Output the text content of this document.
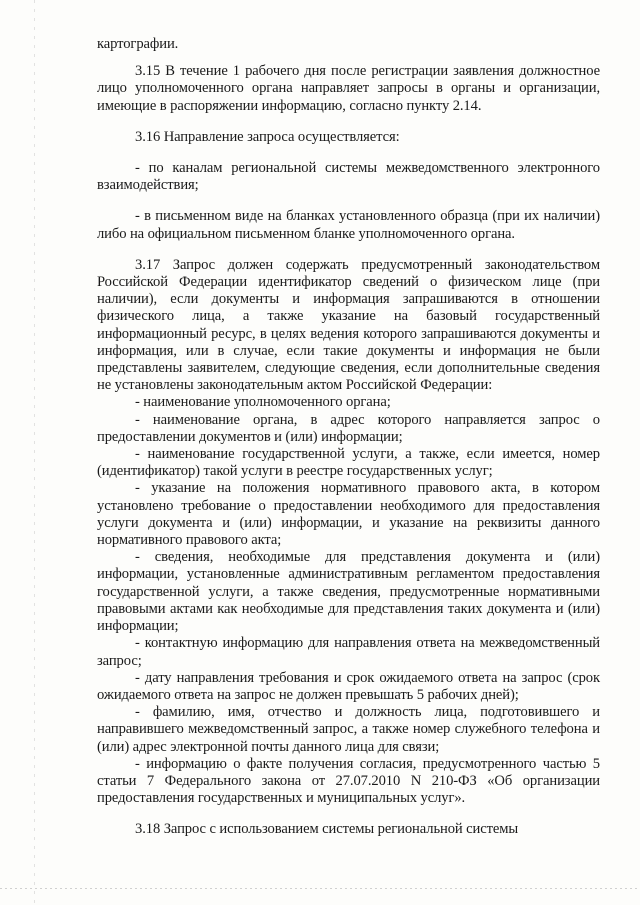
картографии.

3.15 В течение 1 рабочего дня после регистрации заявления должностное лицо уполномоченного органа направляет запросы в органы и организации, имеющие в распоряжении информацию, согласно пункту 2.14.

3.16 Направление запроса осуществляется:

- по каналам региональной системы межведомственного электронного взаимодействия;

- в письменном виде на бланках установленного образца (при их наличии) либо на официальном письменном бланке уполномоченного органа.

3.17 Запрос должен содержать предусмотренный законодательством Российской Федерации идентификатор сведений о физическом лице (при наличии), если документы и информация запрашиваются в отношении физического лица, а также указание на базовый государственный информационный ресурс, в целях ведения которого запрашиваются документы и информация, или в случае, если такие документы и информация не были представлены заявителем, следующие сведения, если дополнительные сведения не установлены законодательным актом Российской Федерации:

- наименование уполномоченного органа;

- наименование органа, в адрес которого направляется запрос о предоставлении документов и (или) информации;

- наименование государственной услуги, а также, если имеется, номер (идентификатор) такой услуги в реестре государственных услуг;

- указание на положения нормативного правового акта, в котором установлено требование о предоставлении необходимого для предоставления услуги документа и (или) информации, и указание на реквизиты данного нормативного правового акта;

- сведения, необходимые для представления документа и (или) информации, установленные административным регламентом предоставления государственной услуги, а также сведения, предусмотренные нормативными правовыми актами как необходимые для представления таких документа и (или) информации;

- контактную информацию для направления ответа на межведомственный запрос;

- дату направления требования и срок ожидаемого ответа на запрос (срок ожидаемого ответа на запрос не должен превышать 5 рабочих дней);

- фамилию, имя, отчество и должность лица, подготовившего и направившего межведомственный запрос, а также номер служебного телефона и (или) адрес электронной почты данного лица для связи;

- информацию о факте получения согласия, предусмотренного частью 5 статьи 7 Федерального закона от 27.07.2010 N 210-ФЗ «Об организации предоставления государственных и муниципальных услуг».

3.18 Запрос с использованием системы региональной системы
